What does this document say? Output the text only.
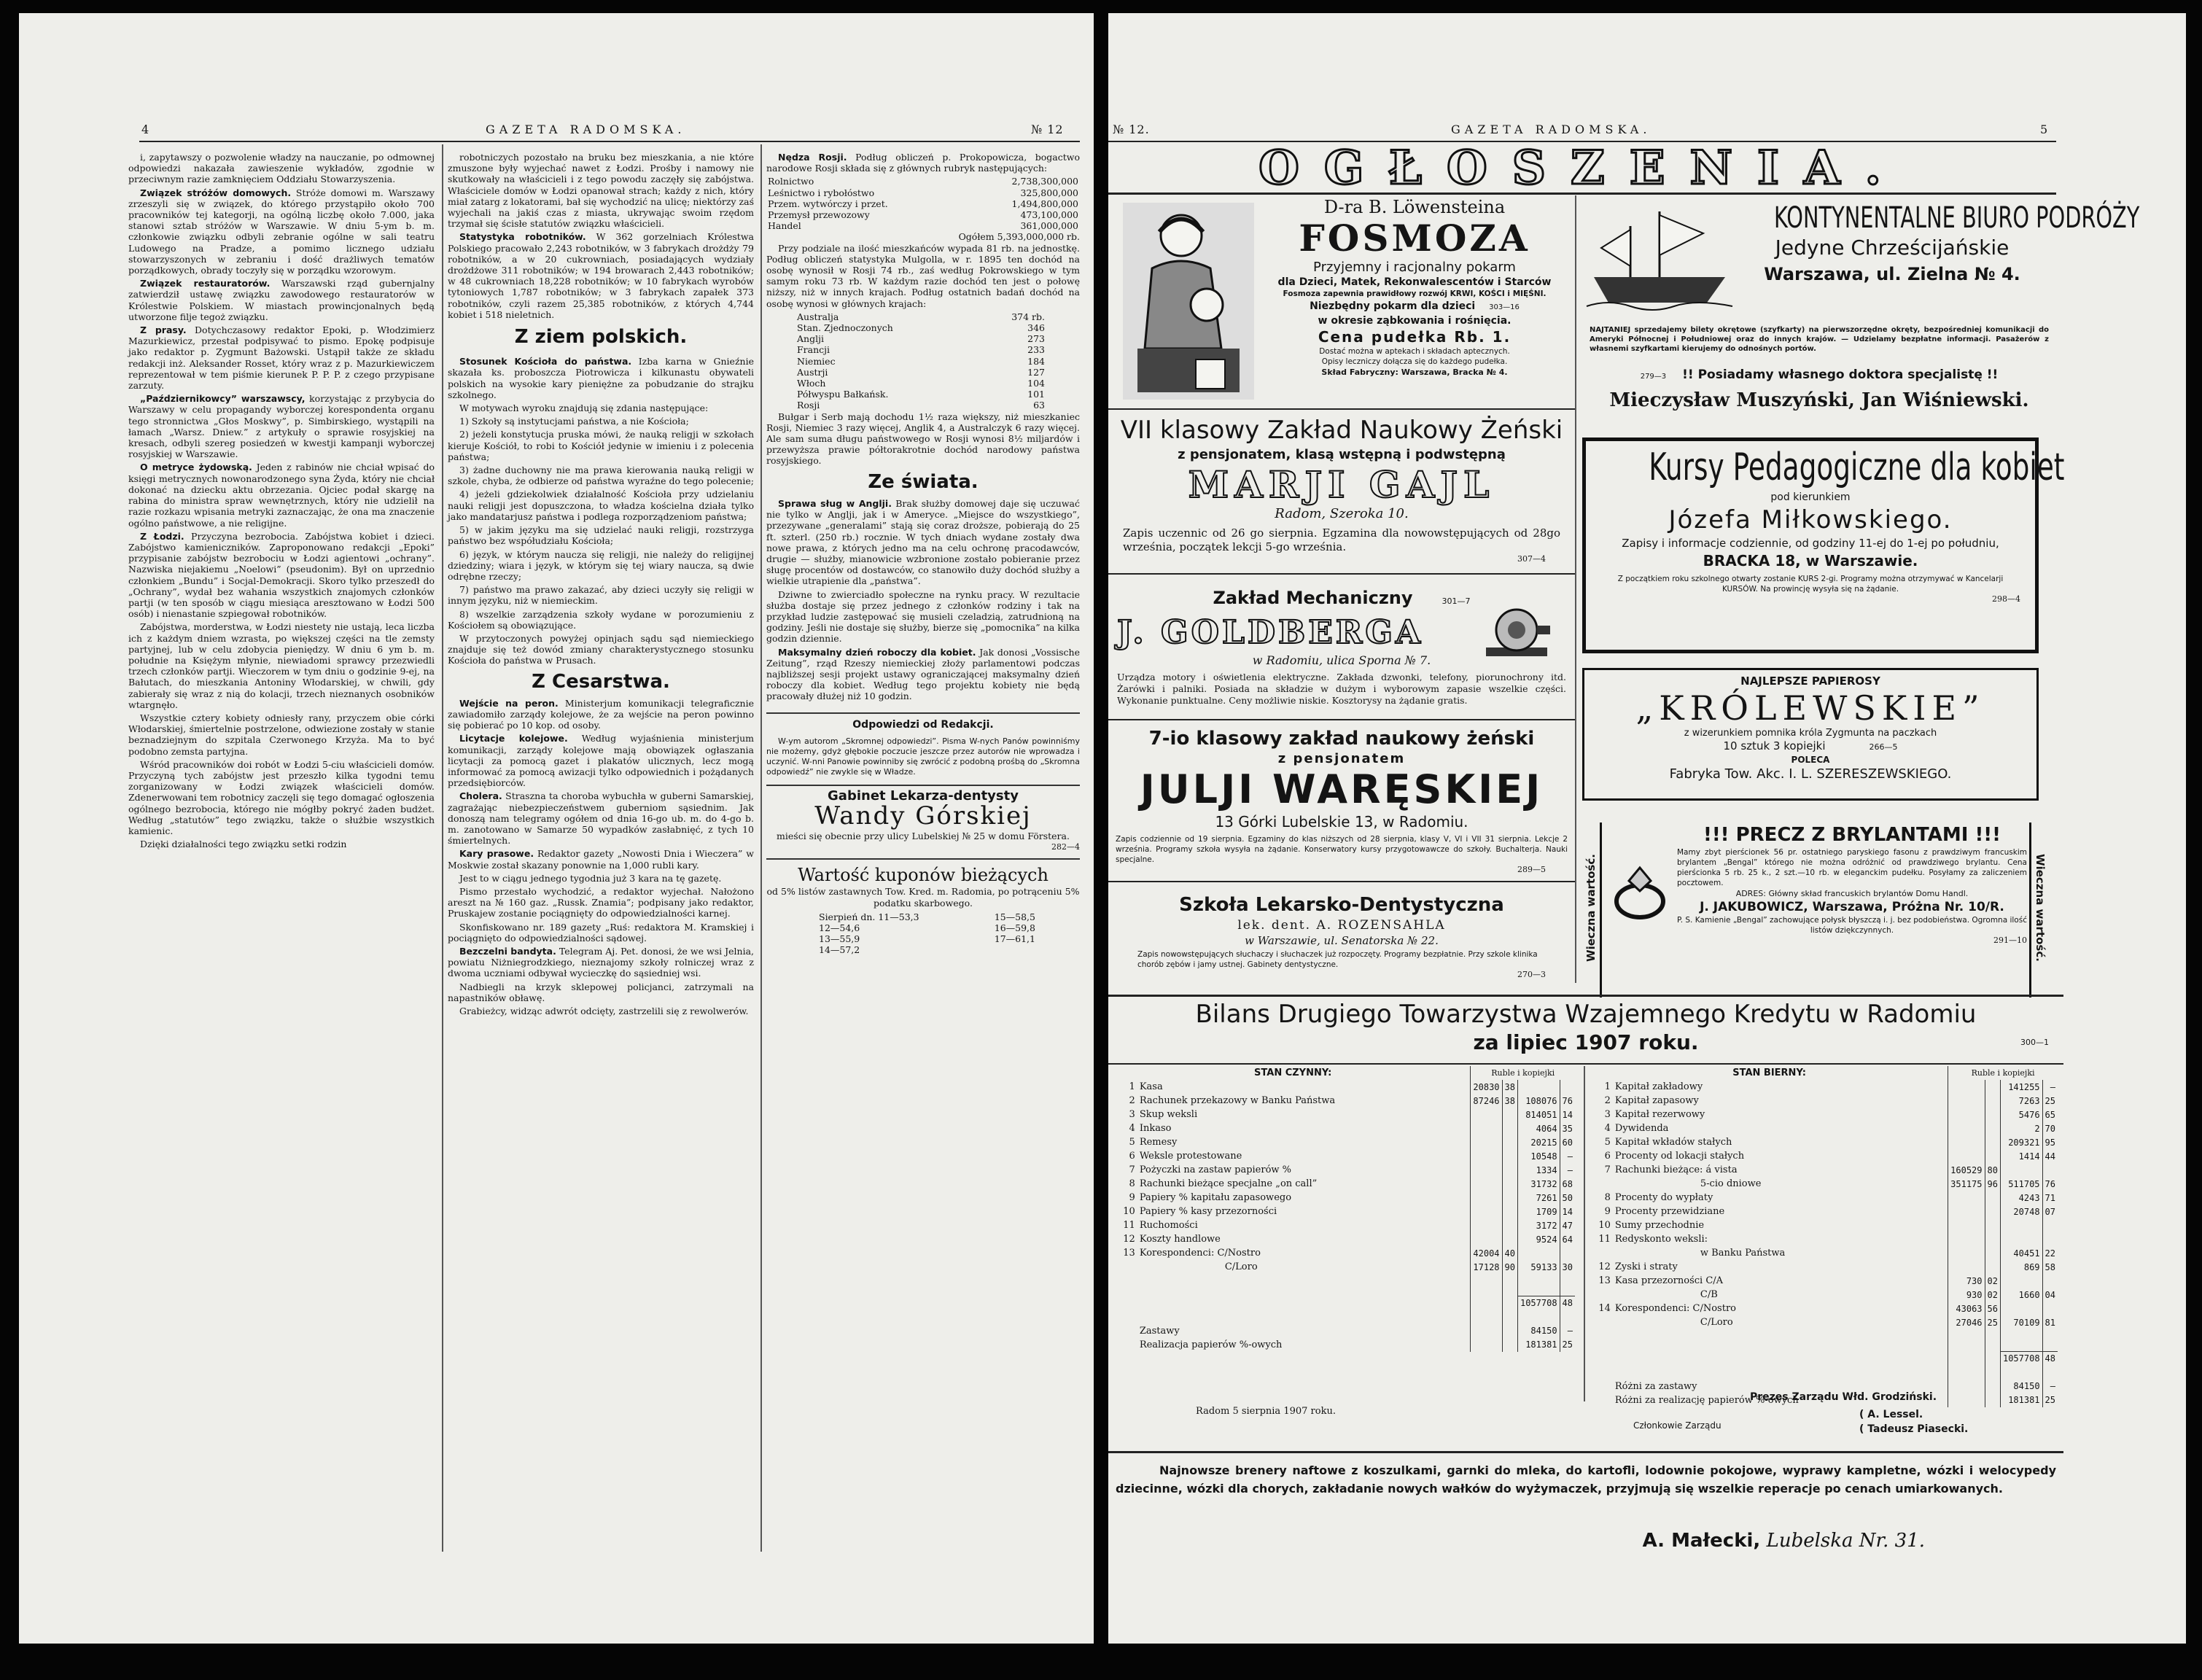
4	GAZETA RADOMSKA.	№ 12

i, zapytawszy o pozwolenie władzy na nauczanie, po odmownej odpowiedzi nakazała zawieszenie wykładów, zgodnie w przeciwnym razie zamknięciem Oddziału Stowarzyszenia.

Związek stróżów domowych. Stróże domowi m. Warszawy zrzeszyli się w związek, do którego przystąpiło około 700 pracowników tej kategorji, na ogólną liczbę około 7.000, jaka stanowi sztab stróżów w Warszawie. W dniu 5-ym b. m. członkowie związku odbyli zebranie ogólne w sali teatru Ludowego na Pradze, a pomimo licznego udziału stowarzyszonych w zebraniu i dość drażliwych tematów porządkowych, obrady toczyły się w porządku wzorowym.

Związek restauratorów. Warszawski rząd gubernjalny zatwierdził ustawę związku zawodowego restauratorów w Królestwie Polskiem. W miastach prowincjonalnych będą utworzone filje tegoż związku.

Z prasy. Dotychczasowy redaktor Epoki, p. Włodzimierz Mazurkiewicz, przestał podpisywać to pismo. Epokę podpisuje jako redaktor p. Zygmunt Bażowski. Ustąpił także ze składu redakcji inż. Aleksander Rosset, który wraz z p. Mazurkiewiczem reprezentował w tem piśmie kierunek P. P. P. z czego przypisane zarzuty.

„Październikowcy” warszawscy, korzystając z przybycia do Warszawy w celu propagandy wyborczej korespondenta organu tego stronnictwa „Głos Moskwy”, p. Simbirskiego, wystąpili na łamach „Warsz. Dniew.” z artykuły o sprawie rosyjskiej na kresach, odbyli szereg posiedzeń w kwestji kampanji wyborczej rosyjskiej w Warszawie.

O metryce żydowską. Jeden z rabinów nie chciał wpisać do księgi metrycznych nowonarodzonego syna Żyda, który nie chciał dokonać na dziecku aktu obrzezania. Ojciec podał skargę na rabina do ministra spraw wewnętrznych, który nie udzielił na razie rozkazu wpisania metryki zaznaczając, że ona ma znaczenie ogólno państwowe, a nie religijne.

Z Łodzi. Przyczyna bezrobocia. Zabójstwa kobiet i dzieci. Zabójstwo kamieniczników. Zaproponowano redakcji „Epoki” przypisanie zabójstw bezrobociu w Łodzi agientowi „ochrany”. Nazwiska niejakiemu „Noelowi” (pseudonim). Był on uprzednio członkiem „Bundu” i Socjal-Demokracji. Skoro tylko przeszedł do „Ochrany”, wydał bez wahania wszystkich znajomych członków partji (w ten sposób w ciągu miesiąca aresztowano w Łodzi 500 osób) i nienastanie szpiegował robotników.

Zabójstwa, morderstwa, w Łodzi niestety nie ustają, leca liczba ich z każdym dniem wzrasta, po większej części na tle zemsty partyjnej, lub w celu zdobycia pieniędzy. W dniu 6 ym b. m. południe na Księżym młynie, niewiadomi sprawcy przezwiedli trzech członków partji. Wieczorem w tym dniu o godzinie 9-ej, na Bałutach, do mieszkania Antoniny Włodarskiej, w chwili, gdy zabierały się wraz z nią do kolacji, trzech nieznanych osobników wtargnęło.

Wszystkie cztery kobiety odniesły rany, przyczem obie córki Włodarskiej, śmiertelnie postrzelone, odwiezione zostały w stanie beznadziejnym do szpitala Czerwonego Krzyża. Ma to być podobno zemsta partyjna.

Wśród pracowników doi robót w Łodzi 5-ciu właścicieli domów. Przyczyną tych zabójstw jest przeszło kilka tygodni temu zorganizowany w Łodzi związek właścicieli domów. Zdenerwowani tem robotnicy zaczęli się tego domagać ogłoszenia ogólnego bezrobocia, którego nie mógłby pokryć żaden budżet. Według „statutów” tego związku, także o służbie wszystkich kamienic.

Dzięki działalności tego związku setki rodzin

robotniczych pozostało na bruku bez mieszkania, a nie które zmuszone były wyjechać nawet z Łodzi. Prośby i namowy nie skutkowały na właścicieli i z tego powodu zaczęły się zabójstwa. Właściciele domów w Łodzi opanował strach; każdy z nich, który miał zatarg z lokatorami, bał się wychodzić na ulicę; niektórzy zaś wyjechali na jakiś czas z miasta, ukrywając swoim rzędom trzymał się ścisłe statutów związku właścicieli.

Statystyka robotników. W 362 gorzelniach Królestwa Polskiego pracowało 2,243 robotników, w 3 fabrykach drożdży 79 robotników, a w 20 cukrowniach, posiadających wydziały drożdżowe 311 robotników; w 194 browarach 2,443 robotników; w 48 cukrowniach 18,228 robotników; w 10 fabrykach wyrobów tytoniowych 1,787 robotników; w 3 fabrykach zapałek 373 robotników, czyli razem 25,385 robotników, z których 4,744 kobiet i 518 nieletnich.

Z ziem polskich.

Stosunek Kościoła do państwa. Izba karna w Gnieźnie skazała ks. proboszcza Piotrowicza i kilkunastu obywateli polskich na wysokie kary pieniężne za pobudzanie do strajku szkolnego.

W motywach wyroku znajdują się zdania następujące:

1) Szkoły są instytucjami państwa, a nie Kościoła;

2) jeżeli konstytucja pruska mówi, że nauką religji w szkołach kieruje Kościół, to robi to Kościół jedynie w imieniu i z polecenia państwa;

3) żadne duchowny nie ma prawa kierowania nauką religji w szkole, chyba, że odbierze od państwa wyraźne do tego polecenie;

4) jeżeli gdziekolwiek działalność Kościoła przy udzielaniu nauki religji jest dopuszczona, to władza kościelna działa tylko jako mandatarjusz państwa i podlega rozporządzeniom państwa;

5) w jakim języku ma się udzielać nauki religji, rozstrzyga państwo bez współudziału Kościoła;

6) język, w którym naucza się religji, nie należy do religijnej dziedziny; wiara i język, w którym się tej wiary naucza, są dwie odrębne rzeczy;

7) państwo ma prawo zakazać, aby dzieci uczyły się religji w innym języku, niż w niemieckim.

8) wszelkie zarządzenia szkoły wydane w porozumieniu z Kościołem są obowiązujące.

W przytoczonych powyżej opinjach sądu sąd niemieckiego znajduje się też dowód zmiany charakterystycznego stosunku Kościoła do państwa w Prusach.

Z Cesarstwa.

Wejście na peron. Ministerjum komunikacji telegraficznie zawiadomiło zarządy kolejowe, że za wejście na peron powinno się pobierać po 10 kop. od osoby.

Licytacje kolejowe. Według wyjaśnienia ministerjum komunikacji, zarządy kolejowe mają obowiązek ogłaszania licytacji za pomocą gazet i plakatów ulicznych, lecz mogą informować za pomocą awizacji tylko odpowiednich i pożądanych przedsiębiorców.

Cholera. Straszna ta choroba wybuchła w guberni Samarskiej, zagrażając niebezpieczeństwem guberniom sąsiednim. Jak donoszą nam telegramy ogółem od dnia 16-go ub. m. do 4-go b. m. zanotowano w Samarze 50 wypadków zasłabnięć, z tych 10 śmiertelnych.

Kary prasowe. Redaktor gazety „Nowosti Dnia i Wieczera” w Moskwie został skazany ponownie na 1,000 rubli kary.

Jest to w ciągu jednego tygodnia już 3 kara na tę gazetę.

Pismo przestało wychodzić, a redaktor wyjechał. Nałożono areszt na № 160 gaz. „Russk. Znamia”; podpisany jako redaktor, Pruskajew zostanie pociągnięty do odpowiedzialności karnej.

Skonfiskowano nr. 189 gazety „Ruś: redaktora M. Kramskiej i pociągnięto do odpowiedzialności sądowej.

Bezczelni bandyta. Telegram Aj. Pet. donosi, że we wsi Jelnia, powiatu Niżniegrodzkiego, nieznajomy szkoły rolniczej wraz z dwoma uczniami odbywał wycieczkę do sąsiedniej wsi.

Nadbiegli na krzyk sklepowej policjanci, zatrzymali na napastników obławę.

Grabieżcy, widząc adwrót odcięty, zastrzelili się z rewolwerów.

Nędza Rosji. Podług obliczeń p. Prokopowicza, bogactwo narodowe Rosji składa się z głównych rubryk następujących:

Rolnictwo	2,738,300,000
Leśnictwo i rybołóstwo	325,800,000
Przem. wytwórczy i przet.	1,494,800,000
Przemysł przewozowy	473,100,000
Handel	361,000,000
Ogółem 5,393,000,000 rb.

Przy podziale na ilość mieszkańców wypada 81 rb. na jednostkę. Podług obliczeń statystyka Mulgolla, w r. 1895 ten dochód na osobę wynosił w Rosji 74 rb., zaś według Pokrowskiego w tym samym roku 73 rb. W każdym razie dochód ten jest o połowę niższy, niż w innych krajach. Podług ostatnich badań dochód na osobę wynosi w głównych krajach:

Australja	374 rb.
Stan. Zjednoczonych	346
Anglji	273
Francji	233
Niemiec	184
Austrji	127
Włoch	104
Półwyspu Bałkańsk.	101
Rosji	63

Bułgar i Serb mają dochodu 1½ raza większy, niż mieszkaniec Rosji, Niemiec 3 razy więcej, Anglik 4, a Australczyk 6 razy więcej. Ale sam suma długu państwowego w Rosji wynosi 8½ miljardów i przewyższa prawie półtorakrotnie dochód narodowy państwa rosyjskiego.

Ze świata.

Sprawa sług w Anglji. Brak służby domowej daje się uczuwać nie tylko w Anglji, jak i w Ameryce. „Miejsce do wszystkiego”, przezywane „generalami” stają się coraz droższe, pobierają do 25 ft. szterl. (250 rb.) rocznie. W tych dniach wydane zostały dwa nowe prawa, z których jedno ma na celu ochronę pracodawców, drugie — służby, mianowicie wzbronione zostało pobieranie przez sługę procentów od dostawców, co stanowiło duży dochód służby a wielkie utrapienie dla „państwa”.

Dziwne to zwierciadło społeczne na rynku pracy. W rezultacie służba dostaje się przez jednego z członków rodziny i tak na przykład ludzie zastępować się musieli czeladzią, zatrudnioną na godziny. Jeśli nie dostaje się służby, bierze się „pomocnika” na kilka godzin dziennie.

Maksymalny dzień roboczy dla kobiet. Jak donosi „Vossische Zeitung”, rząd Rzeszy niemieckiej złoży parlamentowi podczas najbliższej sesji projekt ustawy ograniczającej maksymalny dzień roboczy dla kobiet. Według tego projektu kobiety nie będą pracowały dłużej niż 10 godzin.

Odpowiedzi od Redakcji.

W-ym autorom „Skromnej odpowiedzi”. Pisma W-nych Panów powinniśmy nie możemy, gdyż głębokie poczucie jeszcze przez autorów nie wprowadza i uczynić. W-nni Panowie powinniby się zwrócić z podobną prośbą do „Skromna odpowiedź” nie zwykle się w Władze.

Gabinet Lekarza-dentysty
Wandy Górskiej
mieści się obecnie przy ulicy Lubelskiej № 25 w domu Förstera.
282—4
Wartość kuponów bieżących
od 5% listów zastawnych Tow. Kred. m. Radomia, po potrąceniu 5% podatku skarbowego.
Sierpień dn. 11—53,3	15—58,5
12—54,6	16—59,8
13—55,9	17—61,1
14—57,2	
№ 12.	GAZETA RADOMSKA.	5
OGŁOSZENIA.
D-ra B. Löwensteina
FOSMOZA
Przyjemny i racjonalny pokarm
dla Dzieci, Matek, Rekonwalescentów i Starców
Fosmoza zapewnia prawidłowy rozwój KRWI, KOŚCI i MIĘŚNI.
Niezbędny pokarm dla dzieci 303—16
w okresie ząbkowania i rośnięcia.
Cena pudełka Rb. 1.
Dostać można w aptekach i składach aptecznych.
Opisy leczniczy dołącza się do każdego pudełka.
Skład Fabryczny: Warszawa, Bracka № 4.
KONTYNENTALNE BIURO PODRÓŻY
Jedyne Chrześcijańskie
Warszawa, ul. Zielna № 4.
NAJTANIEJ sprzedajemy bilety okrętowe (szyfkarty) na pierwszorzędne okręty, bezpośredniej komunikacji do Ameryki Północnej i Południowej oraz do innych krajów. — Udzielamy bezpłatne informacji. Pasażerów z własnemi szyfkartami kierujemy do odnośnych portów.
279—3 !! Posiadamy własnego doktora specjalistę !!
Mieczysław Muszyński, Jan Wiśniewski.
VII klasowy Zakład Naukowy Żeński
z pensjonatem, klasą wstępną i podwstępną
MARJI GAJL
Radom, Szeroka 10.
Zapis uczennic od 26 go sierpnia. Egzamina dla nowowstępujących od 28go września, początek lekcji 5-go września.
307—4
Kursy Pedagogiczne dla kobiet
pod kierunkiem
Józefa Miłkowskiego.
Zapisy i informacje codziennie, od godziny 11-ej do 1-ej po południu,
BRACKA 18, w Warszawie.
Z początkiem roku szkolnego otwarty zostanie KURS 2-gi. Programy można otrzymywać w Kancelarji KURSÓW. Na prowincję wysyła się na żądanie.
298—4
Zakład Mechaniczny	301—7
J. GOLDBERGA
w Radomiu, ulica Sporna № 7.
Urządza motory i oświetlenia elektryczne. Zakłada dzwonki, telefony, piorunochrony itd. Żarówki i palniki. Posiada na składzie w dużym i wyborowym zapasie wszelkie części. Wykonanie punktualne. Ceny możliwie niskie. Kosztorysy na żądanie gratis.
NAJLEPSZE PAPIEROSY
„KRÓLEWSKIE”
z wizerunkiem pomnika króla Zygmunta na paczkach
10 sztuk 3 kopiejki	266—5
POLECA
Fabryka Tow. Akc. I. L. SZERESZEWSKIEGO.
7-io klasowy zakład naukowy żeński
z pensjonatem
JULJI WARĘSKIEJ
13 Górki Lubelskie 13, w Radomiu.
Zapis codziennie od 19 sierpnia. Egzaminy do klas niższych od 28 sierpnia, klasy V, VI i VII 31 sierpnia. Lekcje 2 września. Programy szkoła wysyła na żądanie. Konserwatory kursy przygotowawcze do szkoły. Buchalterja. Nauki specjalne.
289—5	Wieczna wartość.	Wieczna wartość.
!!! PRECZ Z BRYLANTAMI !!!
Mamy zbyt pierścionek 56 pr. ostatniego paryskiego fasonu z prawdziwym francuskim brylantem „Bengal” którego nie można odróżnić od prawdziwego brylantu. Cena pierścionka 5 rb. 25 k., 2 szt.—10 rb. w eleganckim pudełku. Posyłamy za zaliczeniem pocztowem.
ADRES: Główny skład francuskich brylantów Domu Handl.
J. JAKUBOWICZ, Warszawa, Próżna Nr. 10/R.
P. S. Kamienie „Bengal” zachowujące połysk błyszczą i. j. bez podobieństwa. Ogromna ilość listów dziękczynnych.
291—10
Szkoła Lekarsko-Dentystyczna
lek. dent. A. ROZENSAHLA
w Warszawie, ul. Senatorska № 22.
Zapis nowowstępujących słuchaczy i słuchaczek już rozpoczęty. Programy bezpłatnie. Przy szkole klinika chorób zębów i jamy ustnej. Gabinety dentystyczne.
270—3
Bilans Drugiego Towarzystwa Wzajemnego Kredytu w Radomiu
za lipiec 1907 roku.	300—1
STAN CZYNNY:		Ruble i kopiejki			
1	Kasa	20830	38		
2	Rachunek przekazowy w Banku Państwa	87246	38	108076	76
3	Skup weksli			814051	14
4	Inkaso			4064	35
5	Remesy			20215	60
6	Weksle protestowane			10548	—
7	Pożyczki na zastaw papierów %			1334	—
8	Rachunki bieżące specjalne „on call”			31732	68
9	Papiery % kapitału zapasowego			7261	50
10	Papiery % kasy przezorności			1709	14
11	Ruchomości			3172	47
12	Koszty handlowe			9524	64
13	Korespondenci: C/Nostro	42004	40		
	C/Loro	17128	90	59133	30

				1057708	48

	Zastawy			84150	—
	Realizacja papierów %-owych			181381	25
STAN BIERNY:		Ruble i kopiejki			
1	Kapitał zakładowy			141255	—
2	Kapitał zapasowy			7263	25
3	Kapitał rezerwowy			5476	65
4	Dywidenda			2	70
5	Kapitał wkładów stałych			209321	95
6	Procenty od lokacji stałych			1414	44
7	Rachunki bieżące: á vista	160529	80		
	5-cio dniowe	351175	96	511705	76
8	Procenty do wypłaty			4243	71
9	Procenty przewidziane			20748	07
10	Sumy przechodnie				
11	Redyskonto weksli:				
	w Banku Państwa			40451	22
12	Zyski i straty			869	58
13	Kasa przezorności C/A	730	02		
	C/B	930	02	1660	04
14	Korespondenci: C/Nostro	43063	56		
	C/Loro	27046	25	70109	81

				1057708	48

	Różni za zastawy			84150	—
	Różni za realizację papierów %-owych			181381	25
Radom 5 sierpnia 1907 roku.
Prezes Zarządu Włd. Grodziński.
Członkowie Zarządu
( A. Lessel.
( Tadeusz Piasecki.
Najnowsze brenery naftowe z koszulkami, garnki do mleka, do kartofli, lodownie pokojowe, wyprawy kampletne, wózki i welocypedy dziecinne, wózki dla chorych, zakładanie nowych wałków do wyżymaczek, przyjmują się wszelkie reperacje po cenach umiarkowanych.
A. Małecki, Lubelska Nr. 31.
